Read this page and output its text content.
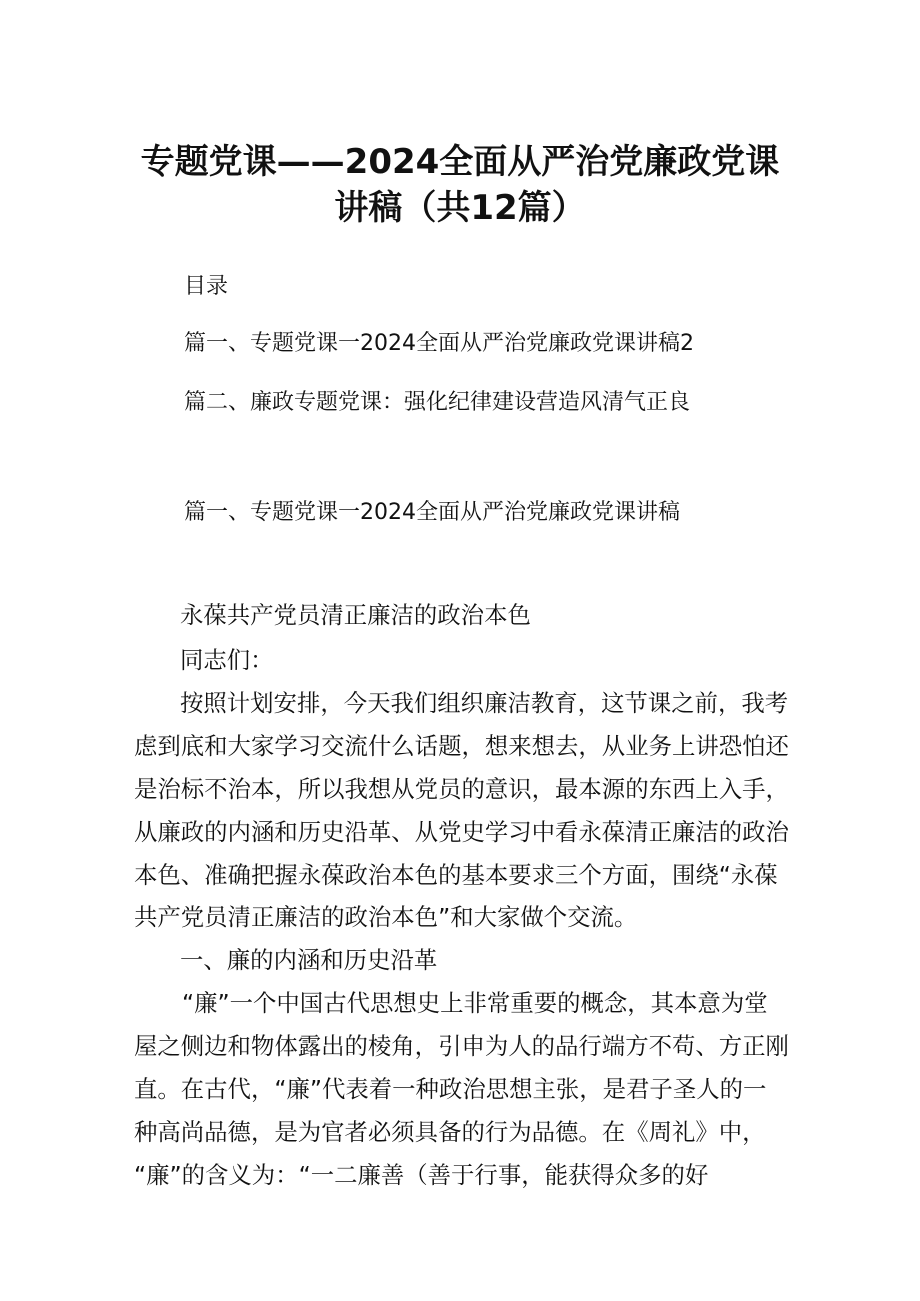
专题党课——2024全面从严治党廉政党课
讲稿（共12篇）
目录
篇一、专题党课一2024全面从严治党廉政党课讲稿2
篇二、廉政专题党课：强化纪律建设营造风清气正良
篇一、专题党课一2024全面从严治党廉政党课讲稿
永葆共产党员清正廉洁的政治本色
同志们：
按照计划安排，今天我们组织廉洁教育，这节课之前，我考
虑到底和大家学习交流什么话题，想来想去，从业务上讲恐怕还
是治标不治本，所以我想从党员的意识，最本源的东西上入手，
从廉政的内涵和历史沿革、从党史学习中看永葆清正廉洁的政治
本色、准确把握永葆政治本色的基本要求三个方面，围绕“永葆
共产党员清正廉洁的政治本色”和大家做个交流。
一、廉的内涵和历史沿革
“廉”一个中国古代思想史上非常重要的概念，其本意为堂
屋之侧边和物体露出的棱角，引申为人的品行端方不苟、方正刚
直。在古代，“廉”代表着一种政治思想主张，是君子圣人的一
种高尚品德，是为官者必须具备的行为品德。在《周礼》中，
“廉”的含义为：“一二廉善（善于行事，能获得众多的好
